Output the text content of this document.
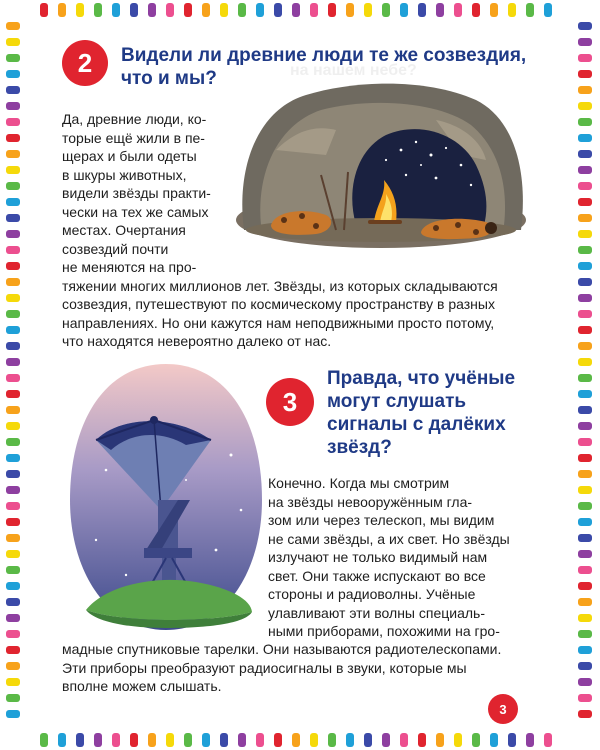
на нашем небе?
2 Видели ли древние люди те же созвездия,
что и мы?
Да, древние люди, ко-
торые ещё жили в пе-
щерах и были одеты
в шкуры животных,
видели звёзды практи-
чески на тех же самых
местах. Очертания
созвездий почти
не меняются на про-
тяжении многих миллионов лет. Звёзды, из которых складываются
созвездия, путешествуют по космическому пространству в разных
направлениях. Но они кажутся нам неподвижными просто потому,
что находятся невероятно далеко от нас.
3
Правда, что учёные
могут слушать
сигналы с далёких
звёзд?
Конечно. Когда мы смотрим
на звёзды невооружённым гла-
зом или через телескоп, мы видим
не сами звёзды, а их свет. Но звёзды
излучают не только видимый нам
свет. Они также испускают во все
стороны и радиоволны. Учёные
улавливают эти волны специаль-
ными приборами, похожими на гро-
мадные спутниковые тарелки. Они называются радиотелескопами.
Эти приборы преобразуют радиосигналы в звуки, которые мы
вполне можем слышать.
3
